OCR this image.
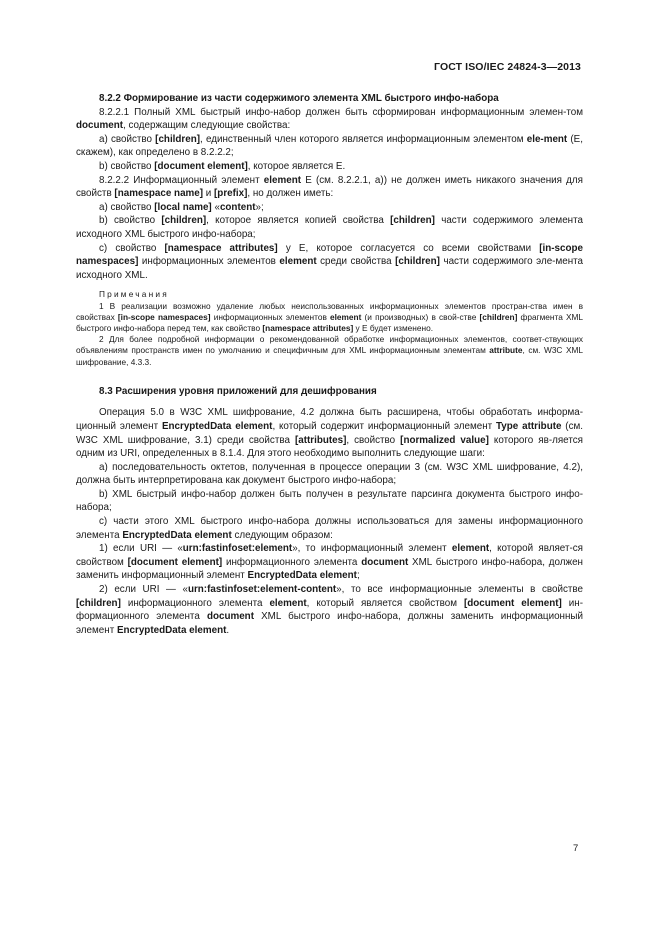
ГОСТ ISO/IEC 24824-3—2013

8.2.2 Формирование из части содержимого элемента XML быстрого инфо-набора

8.2.2.1 Полный XML быстрый инфо-набор должен быть сформирован информационным элемен-том document, содержащим следующие свойства:

a) свойство [children], единственный член которого является информационным элементом ele-ment (Е, скажем), как определено в 8.2.2.2;

b) свойство [document element], которое является Е.

8.2.2.2 Информационный элемент element Е (см. 8.2.2.1, а)) не должен иметь никакого значения для свойств [namespace name] и [prefix], но должен иметь:

a) свойство [local name] «content»;

b) свойство [children], которое является копией свойства [children] части содержимого элемента исходного XML быстрого инфо-набора;

c) свойство [namespace attributes] у Е, которое согласуется со всеми свойствами [in-scope namespaces] информационных элементов element среди свойства [children] части содержимого эле-мента исходного XML.

Примечания

1 В реализации возможно удаление любых неиспользованных информационных элементов простран-ства имен в свойствах [in-scope namespaces] информационных элементов element (и производных) в свой-стве [children] фрагмента XML быстрого инфо-набора перед тем, как свойство [namespace attributes] у Е будет изменено.

2 Для более подробной информации о рекомендованной обработке информационных элементов, соответ-ствующих объявлениям пространств имен по умолчанию и специфичным для XML информационным элементам attribute, см. W3C XML шифрование, 4.3.3.

8.3 Расширения уровня приложений для дешифрования

Операция 5.0 в W3C XML шифрование, 4.2 должна быть расширена, чтобы обработать информа-ционный элемент EncryptedData element, который содержит информационный элемент Type attribute (см. W3C XML шифрование, 3.1) среди свойства [attributes], свойство [normalized value] которого яв-ляется одним из URI, определенных в 8.1.4. Для этого необходимо выполнить следующие шаги:

a) последовательность октетов, полученная в процессе операции 3 (см. W3C XML шифрование, 4.2), должна быть интерпретирована как документ быстрого инфо-набора;

b) XML быстрый инфо-набор должен быть получен в результате парсинга документа быстрого инфо-набора;

c) части этого XML быстрого инфо-набора должны использоваться для замены информационного элемента EncryptedData element следующим образом:

1) если URI — «urn:fastinfoset:element», то информационный элемент element, которой являет-ся свойством [document element] информационного элемента document XML быстрого инфо-набора, должен заменить информационный элемент EncryptedData element;

2) если URI — «urn:fastinfoset:element-content», то все информационные элементы в свойстве [children] информационного элемента element, который является свойством [document element] ин-формационного элемента document XML быстрого инфо-набора, должны заменить информационный элемент EncryptedData element.

7
